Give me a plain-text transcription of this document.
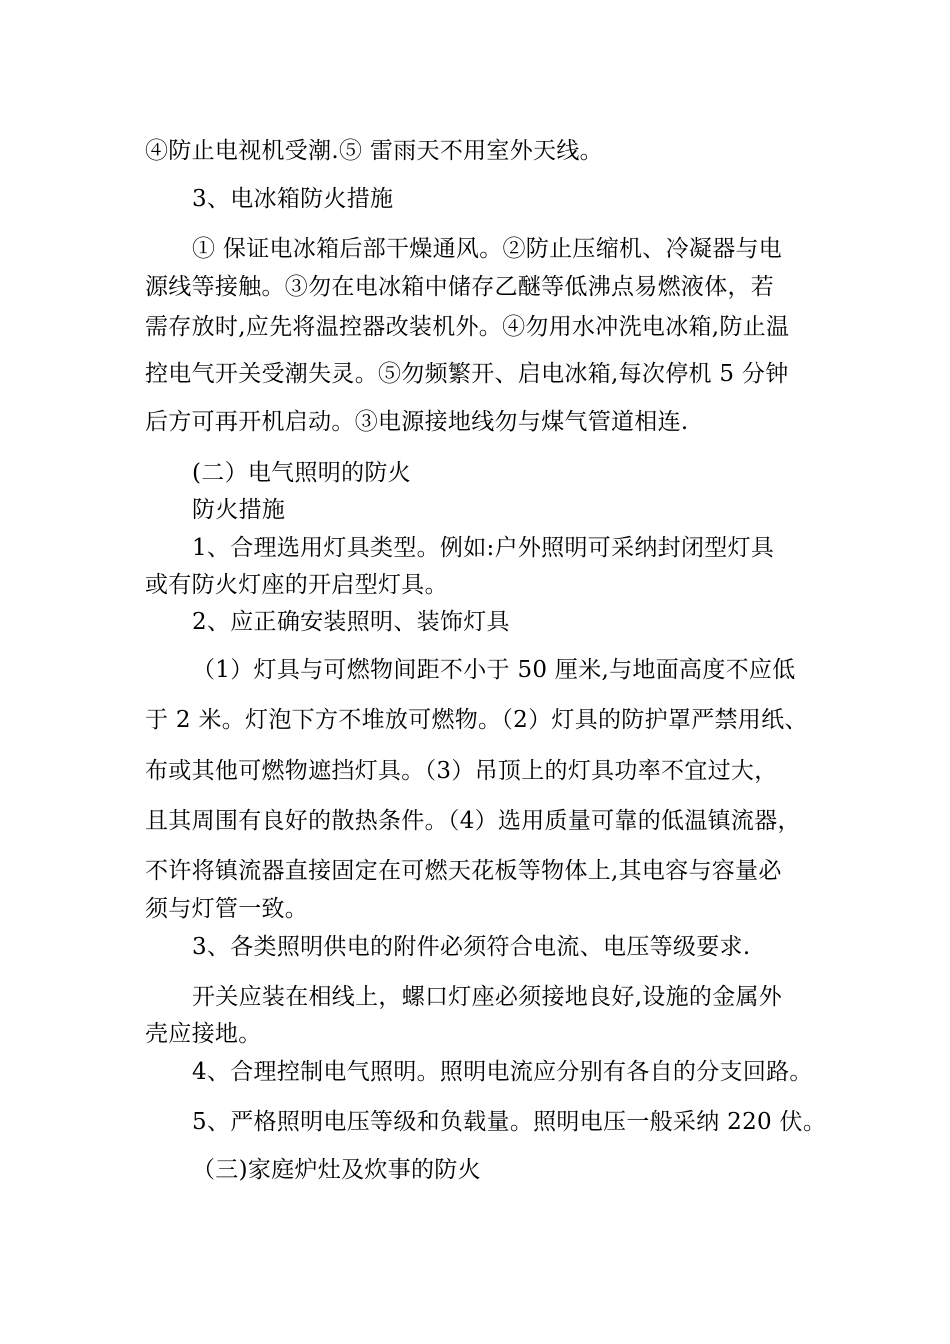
④防止电视机受潮.⑤ 雷雨天不用室外天线。
3、电冰箱防火措施
① 保证电冰箱后部干燥通风。②防止压缩机、冷凝器与电
源线等接触。③勿在电冰箱中储存乙醚等低沸点易燃液体，若
需存放时,应先将温控器改装机外。④勿用水冲洗电冰箱,防止温
控电气开关受潮失灵。⑤勿频繁开、启电冰箱,每次停机 5 分钟
后方可再开机启动。③电源接地线勿与煤气管道相连.
(二）电气照明的防火
防火措施
1、合理选用灯具类型。例如:户外照明可采纳封闭型灯具
或有防火灯座的开启型灯具。
2、应正确安装照明、装饰灯具
（1）灯具与可燃物间距不小于 50 厘米,与地面高度不应低
于 2 米。灯泡下方不堆放可燃物。（2）灯具的防护罩严禁用纸、
布或其他可燃物遮挡灯具。（3）吊顶上的灯具功率不宜过大，
且其周围有良好的散热条件。（4）选用质量可靠的低温镇流器，
不许将镇流器直接固定在可燃天花板等物体上,其电容与容量必
须与灯管一致。
3、各类照明供电的附件必须符合电流、电压等级要求.
开关应装在相线上，螺口灯座必须接地良好,设施的金属外
壳应接地。
4、合理控制电气照明。照明电流应分别有各自的分支回路。
5、严格照明电压等级和负载量。照明电压一般采纳 220 伏。
（三)家庭炉灶及炊事的防火
